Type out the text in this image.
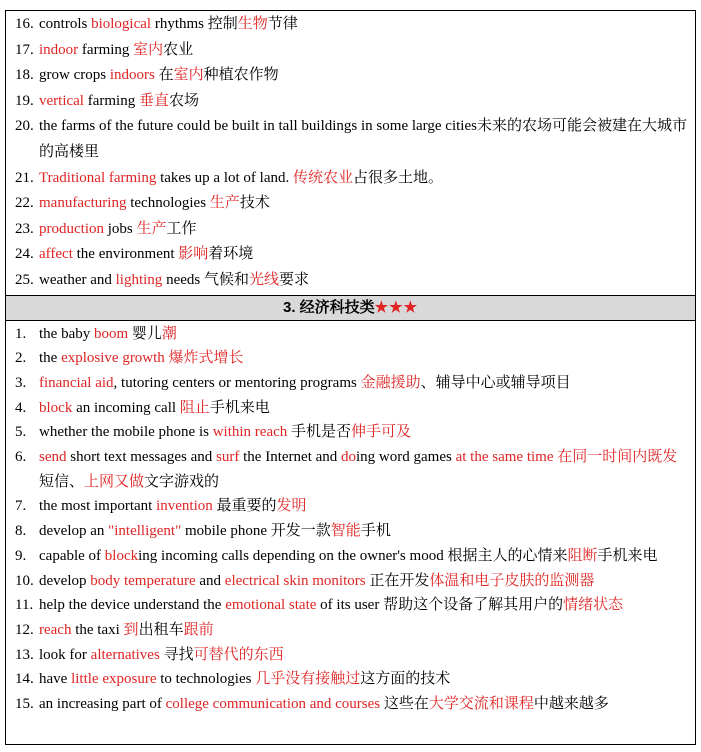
16. controls biological rhythms 控制生物节律
17. indoor farming 室内农业
18. grow crops indoors 在室内种植农作物
19. vertical farming 垂直农场
20. the farms of the future could be built in tall buildings in some large cities未来的农场可能会被建在大城市的高楼里
21. Traditional farming takes up a lot of land. 传统农业占很多土地。
22. manufacturing technologies 生产技术
23. production jobs 生产工作
24. affect the environment 影响着环境
25. weather and lighting needs 气候和光线要求
3. 经济科技类★★★
1. the baby boom 婴儿潮
2. the explosive growth 爆炸式增长
3. financial aid, tutoring centers or mentoring programs 金融援助、辅导中心或辅导项目
4. block an incoming call 阻止手机来电
5. whether the mobile phone is within reach 手机是否伸手可及
6. send short text messages and surf the Internet and doing word games at the same time 在同一时间内既发短信、上网又做文字游戏的
7. the most important invention 最重要的发明
8. develop an "intelligent" mobile phone 开发一款智能手机
9. capable of blocking incoming calls depending on the owner's mood 根据主人的心情来阻断手机来电
10. develop body temperature and electrical skin monitors 正在开发体温和电子皮肤的监测器
11. help the device understand the emotional state of its user 帮助这个设备了解其用户的情绪状态
12. reach the taxi 到出租车跟前
13. look for alternatives 寻找可替代的东西
14. have little exposure to technologies 几乎没有接触过这方面的技术
15. an increasing part of college communication and courses 这些在大学交流和课程中越来越多
